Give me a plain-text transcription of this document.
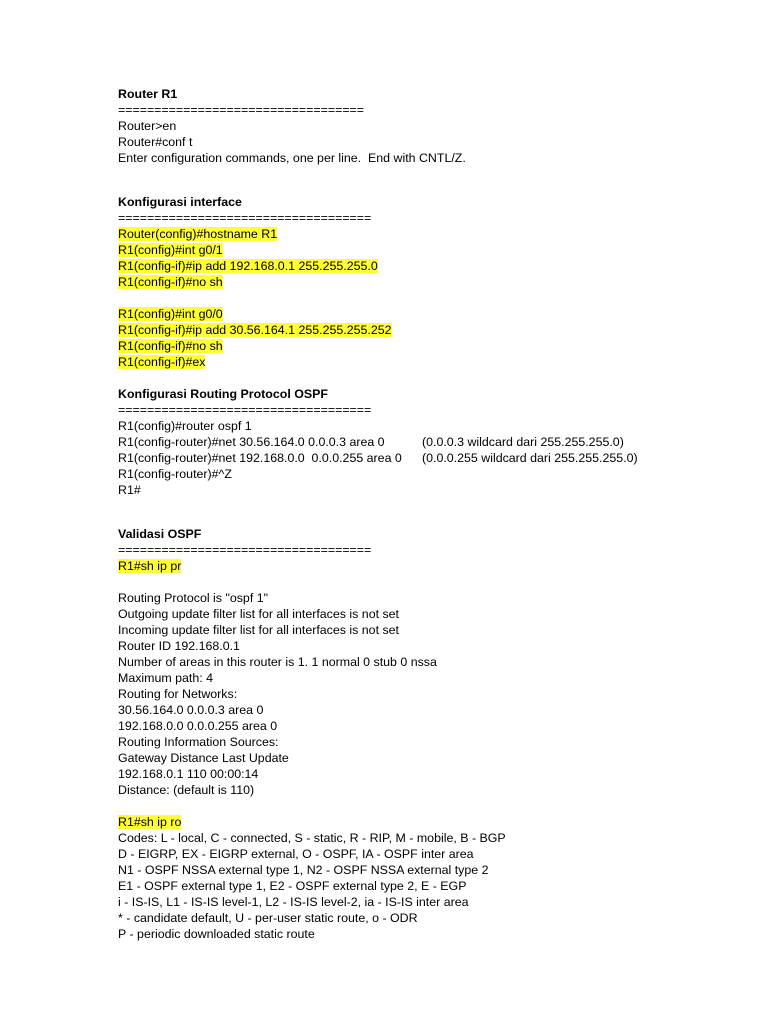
Router R1
==================================
Router>en
Router#conf t
Enter configuration commands, one per line.  End with CNTL/Z.
Konfigurasi interface
===================================
Router(config)#hostname R1
R1(config)#int g0/1
R1(config-if)#ip add 192.168.0.1 255.255.255.0
R1(config-if)#no sh
R1(config)#int g0/0
R1(config-if)#ip add 30.56.164.1 255.255.255.252
R1(config-if)#no sh
R1(config-if)#ex
Konfigurasi Routing Protocol OSPF
===================================
R1(config)#router ospf 1
R1(config-router)#net 30.56.164.0 0.0.0.3 area 0	(0.0.0.3 wildcard dari 255.255.255.0)
R1(config-router)#net 192.168.0.0  0.0.0.255 area 0 (0.0.0.255 wildcard dari 255.255.255.0)
R1(config-router)#^Z
R1#
Validasi OSPF
===================================
R1#sh ip pr
Routing Protocol is "ospf 1"
Outgoing update filter list for all interfaces is not set
Incoming update filter list for all interfaces is not set
Router ID 192.168.0.1
Number of areas in this router is 1. 1 normal 0 stub 0 nssa
Maximum path: 4
Routing for Networks:
30.56.164.0 0.0.0.3 area 0
192.168.0.0 0.0.0.255 area 0
Routing Information Sources:
Gateway Distance Last Update
192.168.0.1 110 00:00:14
Distance: (default is 110)
R1#sh ip ro
Codes: L - local, C - connected, S - static, R - RIP, M - mobile, B - BGP
D - EIGRP, EX - EIGRP external, O - OSPF, IA - OSPF inter area
N1 - OSPF NSSA external type 1, N2 - OSPF NSSA external type 2
E1 - OSPF external type 1, E2 - OSPF external type 2, E - EGP
i - IS-IS, L1 - IS-IS level-1, L2 - IS-IS level-2, ia - IS-IS inter area
* - candidate default, U - per-user static route, o - ODR
P - periodic downloaded static route
